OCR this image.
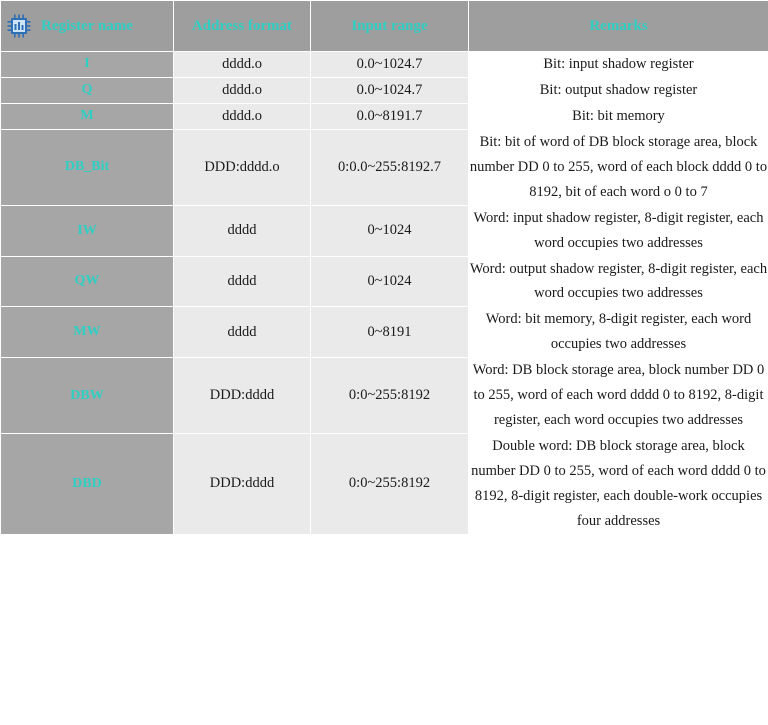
Register name	Address format	Input range	Remarks
I	dddd.o	0.0~1024.7	Bit: input shadow register
Q	dddd.o	0.0~1024.7	Bit: output shadow register
M	dddd.o	0.0~8191.7	Bit: bit memory
DB_Bit	DDD:dddd.o	0:0.0~255:8192.7	Bit: bit of word of DB block storage area, block number DD 0 to 255, word of each block dddd 0 to 8192, bit of each word o 0 to 7
IW	dddd	0~1024	Word: input shadow register, 8-digit register, each word occupies two addresses
QW	dddd	0~1024	Word: output shadow register, 8-digit register, each word occupies two addresses
MW	dddd	0~8191	Word: bit memory, 8-digit register, each word occupies two addresses
DBW	DDD:dddd	0:0~255:8192	Word: DB block storage area, block number DD 0 to 255, word of each word dddd 0 to 8192, 8-digit register, each word occupies two addresses
DBD	DDD:dddd	0:0~255:8192	Double word: DB block storage area, block number DD 0 to 255, word of each word dddd 0 to 8192, 8-digit register, each double-work occupies four addresses
